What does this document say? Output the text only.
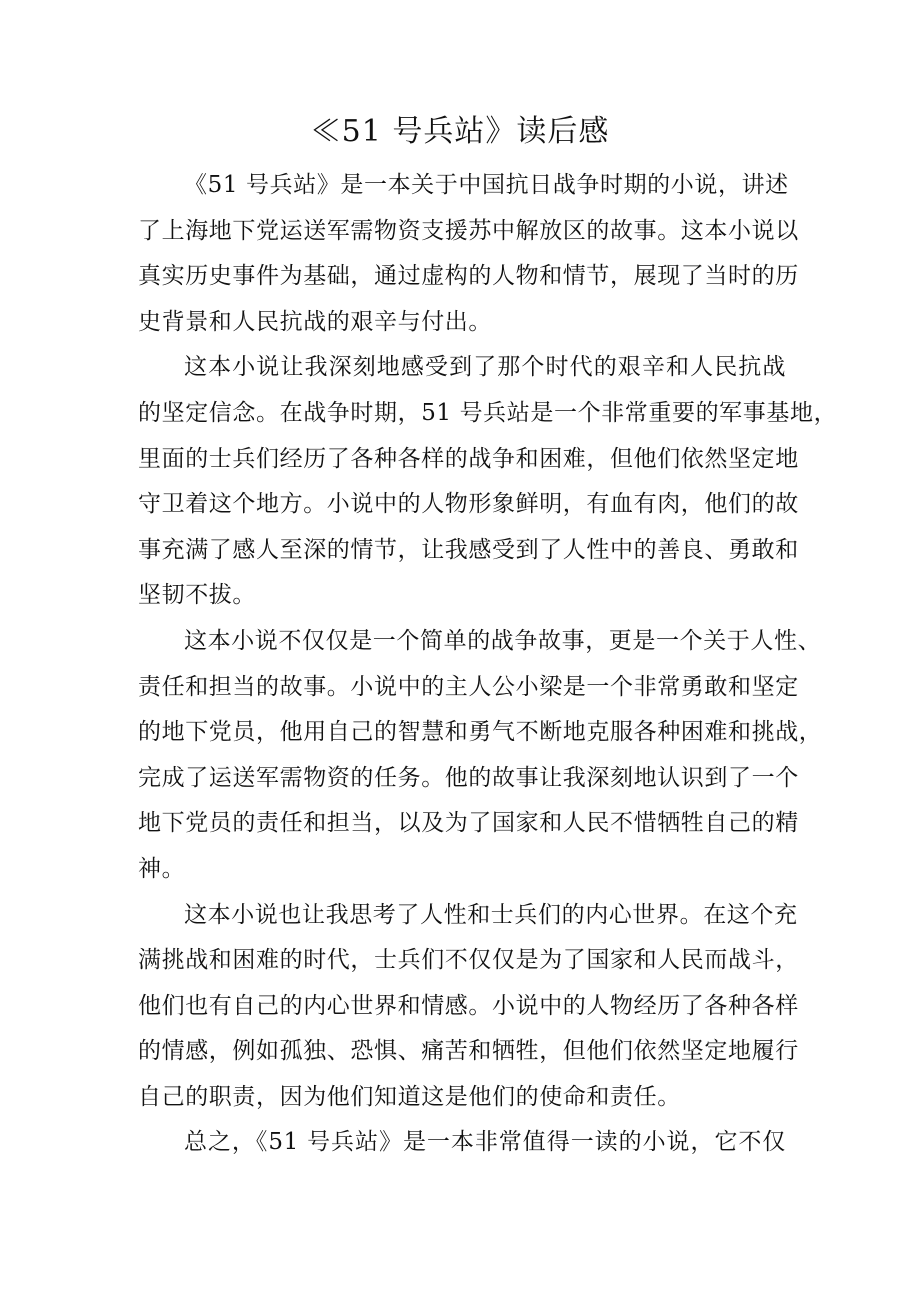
≪51 号兵站》读后感
《51 号兵站》是一本关于中国抗日战争时期的小说，讲述
了上海地下党运送军需物资支援苏中解放区的故事。这本小说以
真实历史事件为基础，通过虚构的人物和情节，展现了当时的历
史背景和人民抗战的艰辛与付出。
这本小说让我深刻地感受到了那个时代的艰辛和人民抗战
的坚定信念。在战争时期，51 号兵站是一个非常重要的军事基地，
里面的士兵们经历了各种各样的战争和困难，但他们依然坚定地
守卫着这个地方。小说中的人物形象鲜明，有血有肉，他们的故
事充满了感人至深的情节，让我感受到了人性中的善良、勇敢和
坚韧不拔。
这本小说不仅仅是一个简单的战争故事，更是一个关于人性、
责任和担当的故事。小说中的主人公小梁是一个非常勇敢和坚定
的地下党员，他用自己的智慧和勇气不断地克服各种困难和挑战，
完成了运送军需物资的任务。他的故事让我深刻地认识到了一个
地下党员的责任和担当，以及为了国家和人民不惜牺牲自己的精
神。
这本小说也让我思考了人性和士兵们的内心世界。在这个充
满挑战和困难的时代，士兵们不仅仅是为了国家和人民而战斗，
他们也有自己的内心世界和情感。小说中的人物经历了各种各样
的情感，例如孤独、恐惧、痛苦和牺牲，但他们依然坚定地履行
自己的职责，因为他们知道这是他们的使命和责任。
总之，《51 号兵站》是一本非常值得一读的小说，它不仅
